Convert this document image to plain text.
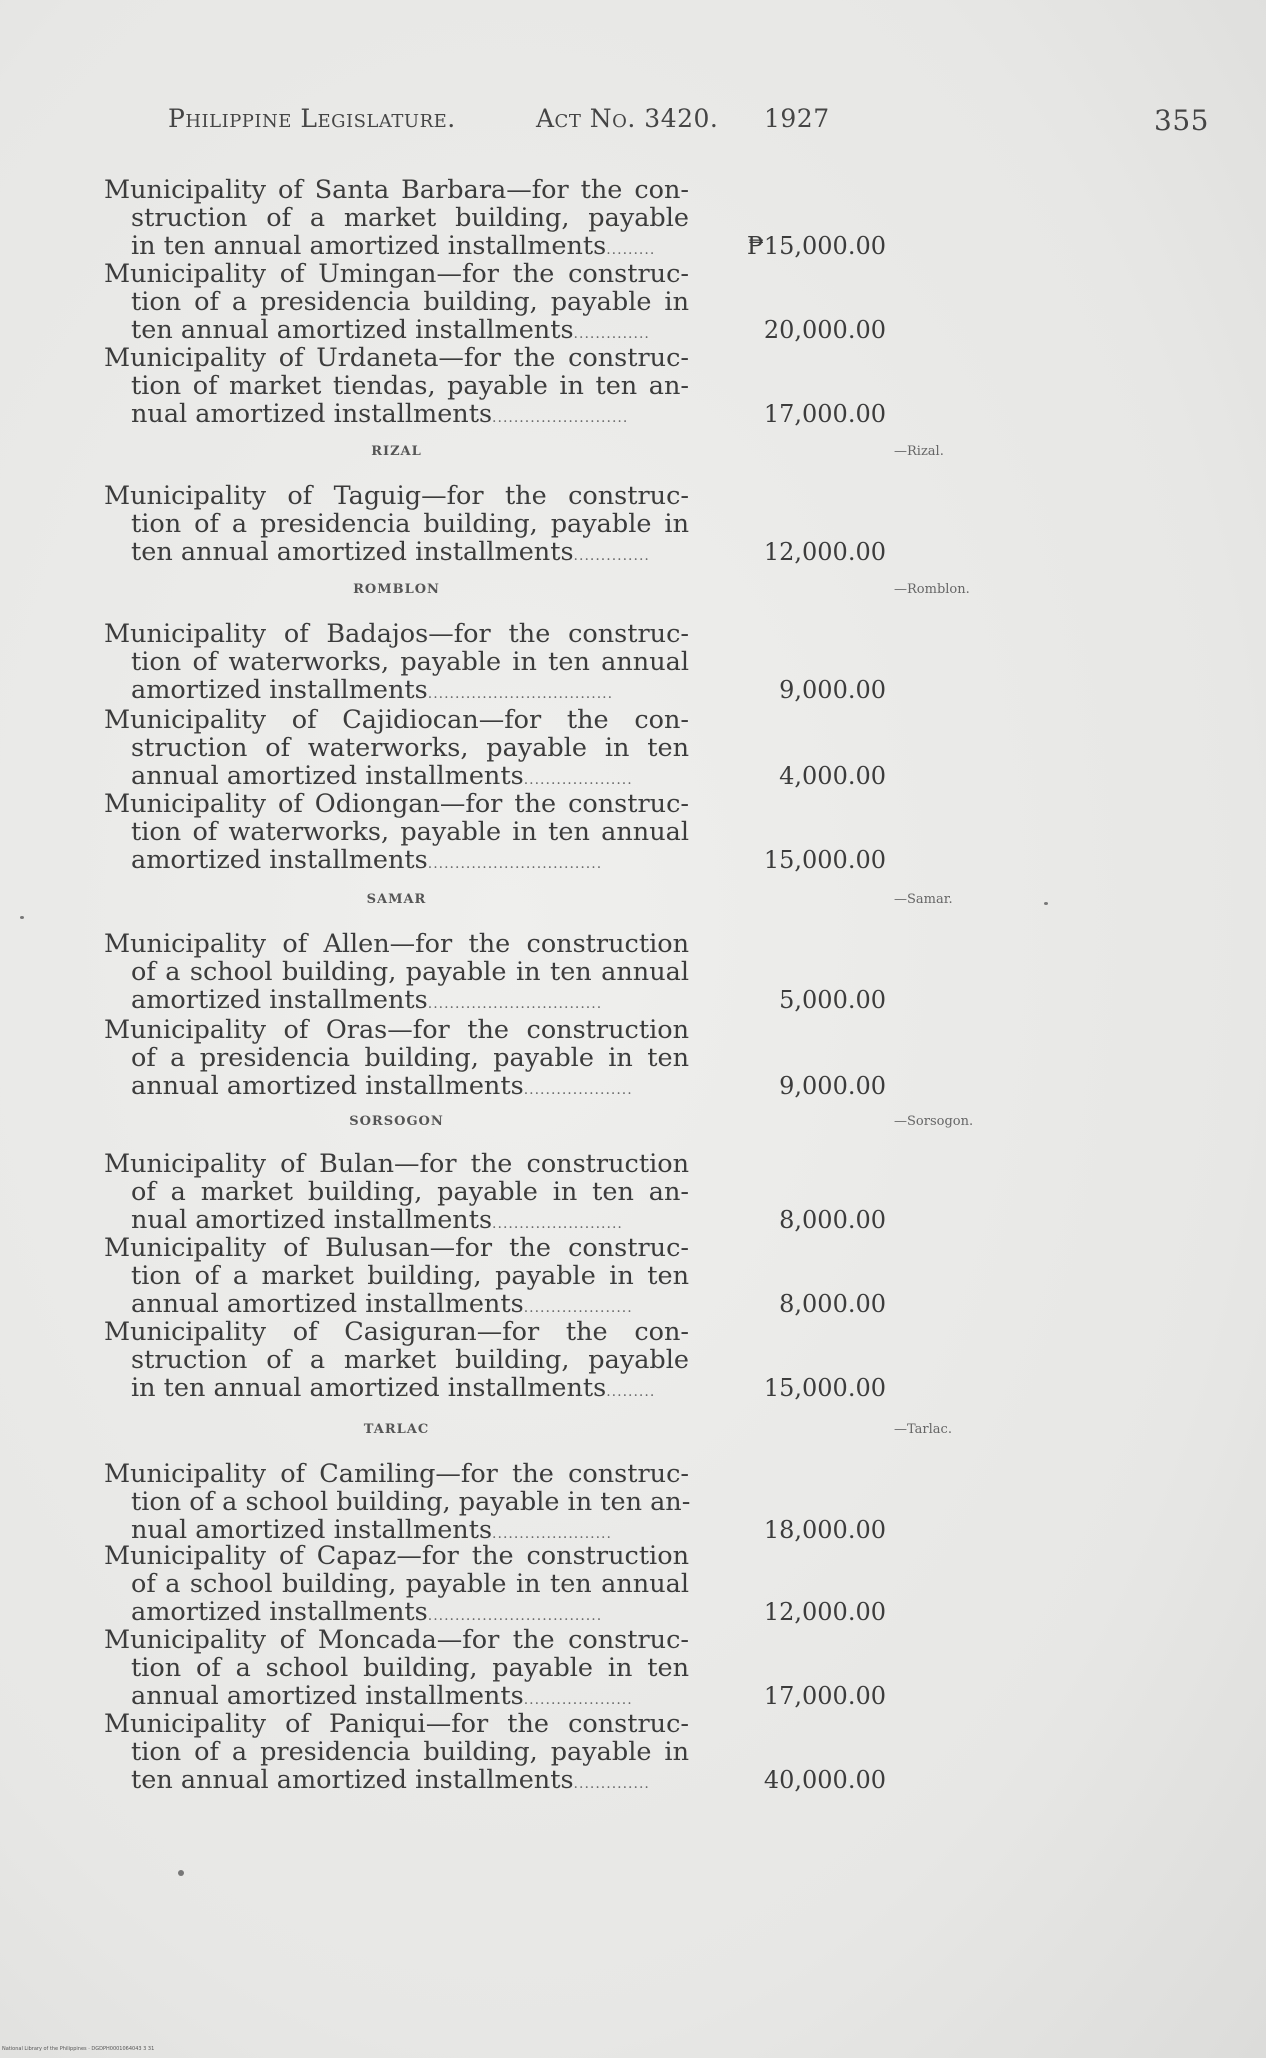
Philippine Legislature.	Act No. 3420. 1927	355
Municipality of Santa Barbara—for the con-
struction of a market building, payable
in ten annual amortized installments.........	₱15,000.00
Municipality of Umingan—for the construc-
tion of a presidencia building, payable in
ten annual amortized installments..............	20,000.00
Municipality of Urdaneta—for the construc-
tion of market tiendas, payable in ten an-
nual amortized installments.........................	17,000.00
RIZAL	—Rizal.
Municipality of Taguig—for the construc-
tion of a presidencia building, payable in
ten annual amortized installments..............	12,000.00
ROMBLON	—Romblon.
Municipality of Badajos—for the construc-
tion of waterworks, payable in ten annual
amortized installments..................................	9,000.00
Municipality of Cajidiocan—for the con-
struction of waterworks, payable in ten
annual amortized installments....................	4,000.00
Municipality of Odiongan—for the construc-
tion of waterworks, payable in ten annual
amortized installments................................	15,000.00
SAMAR	—Samar.
Municipality of Allen—for the construction
of a school building, payable in ten annual
amortized installments................................	5,000.00
Municipality of Oras—for the construction
of a presidencia building, payable in ten
annual amortized installments....................	9,000.00
SORSOGON	—Sorsogon.
Municipality of Bulan—for the construction
of a market building, payable in ten an-
nual amortized installments........................	8,000.00
Municipality of Bulusan—for the construc-
tion of a market building, payable in ten
annual amortized installments....................	8,000.00
Municipality of Casiguran—for the con-
struction of a market building, payable
in ten annual amortized installments.........	15,000.00
TARLAC	—Tarlac.
Municipality of Camiling—for the construc-
tion of a school building, payable in ten an-
nual amortized installments......................	18,000.00
Municipality of Capaz—for the construction
of a school building, payable in ten annual
amortized installments................................	12,000.00
Municipality of Moncada—for the construc-
tion of a school building, payable in ten
annual amortized installments....................	17,000.00
Municipality of Paniqui—for the construc-
tion of a presidencia building, payable in
ten annual amortized installments..............	40,000.00
National Library of the Philippines · DGDPH0001064043 3 31
